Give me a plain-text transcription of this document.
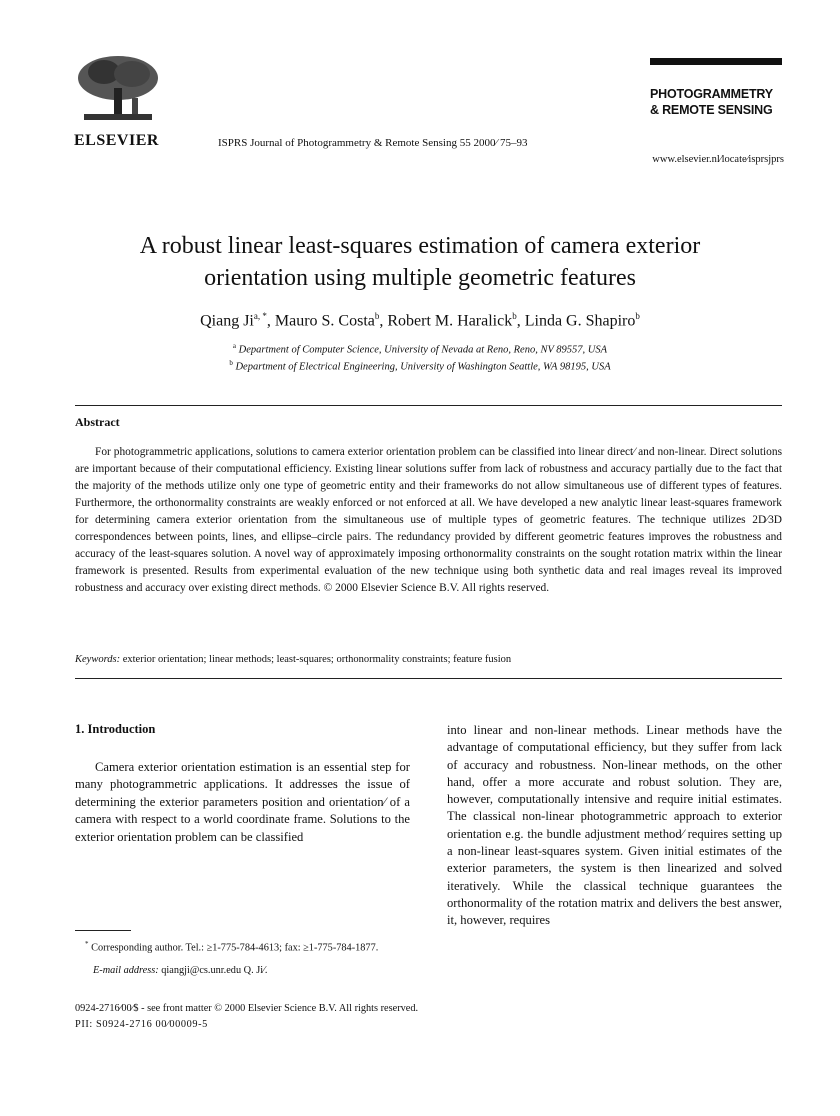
ELSEVIER	ISPRS Journal of Photogrammetry & Remote Sensing 55 2000⁄ 75–93
PHOTOGRAMMETRY
& REMOTE SENSING
www.elsevier.nl⁄locate⁄isprsjprs
A robust linear least-squares estimation of camera exterior
orientation using multiple geometric features
Qiang $Ji^{a, *}$, Mauro S. Costa$^b$, Robert M. Haralick$^b$, Linda G. Shapiro$^b$
$^a$ Department of Computer Science, University of Nevada at Reno, Reno, NV 89557, USA
$^b$ Department of Electrical Engineering, University of Washington Seattle, WA 98195, USA
Abstract
For photogrammetric applications, solutions to camera exterior orientation problem can be classified into linear direct⁄ and non-linear. Direct solutions are important because of their computational efficiency. Existing linear solutions suffer from lack of robustness and accuracy partially due to the fact that the majority of the methods utilize only one type of geometric entity and their frameworks do not allow simultaneous use of different types of features. Furthermore, the orthonormality constraints are weakly enforced or not enforced at all. We have developed a new analytic linear least-squares framework for determining camera exterior orientation from the simultaneous use of multiple types of geometric features. The technique utilizes 2D⁄3D correspondences between points, lines, and ellipse–circle pairs. The redundancy provided by different geometric features improves the robustness and accuracy of the least-squares solution. A novel way of approximately imposing orthonormality constraints on the sought rotation matrix within the linear framework is presented. Results from experimental evaluation of the new technique using both synthetic data and real images reveal its improved robustness and accuracy over existing direct methods. © 2000 Elsevier Science B.V. All rights reserved.
Keywords: exterior orientation; linear methods; least-squares; orthonormality constraints; feature fusion
1. Introduction
Camera exterior orientation estimation is an essential step for many photogrammetric applications. It addresses the issue of determining the exterior parameters position and orientation⁄ of a camera with respect to a world coordinate frame. Solutions to the exterior orientation problem can be classified
into linear and non-linear methods. Linear methods have the advantage of computational efficiency, but they suffer from lack of accuracy and robustness. Non-linear methods, on the other hand, offer a more accurate and robust solution. They are, however, computationally intensive and require initial estimates. The classical non-linear photogrammetric approach to exterior orientation e.g. the bundle adjustment method⁄ requires setting up a non-linear least-squares system. Given initial estimates of the exterior parameters, the system is then linearized and solved iteratively. While the classical technique guarantees the orthonormality of the rotation matrix and delivers the best answer, it, however, requires
* Corresponding author. Tel.: ≥1-775-784-4613; fax: ≥1-775-784-1877.
E-mail address: qiangji@cs.unr.edu Q. Ji⁄.
0924-2716⁄00⁄$ - see front matter © 2000 Elsevier Science B.V. All rights reserved.
PII: S0924-2716 00⁄00009-5
